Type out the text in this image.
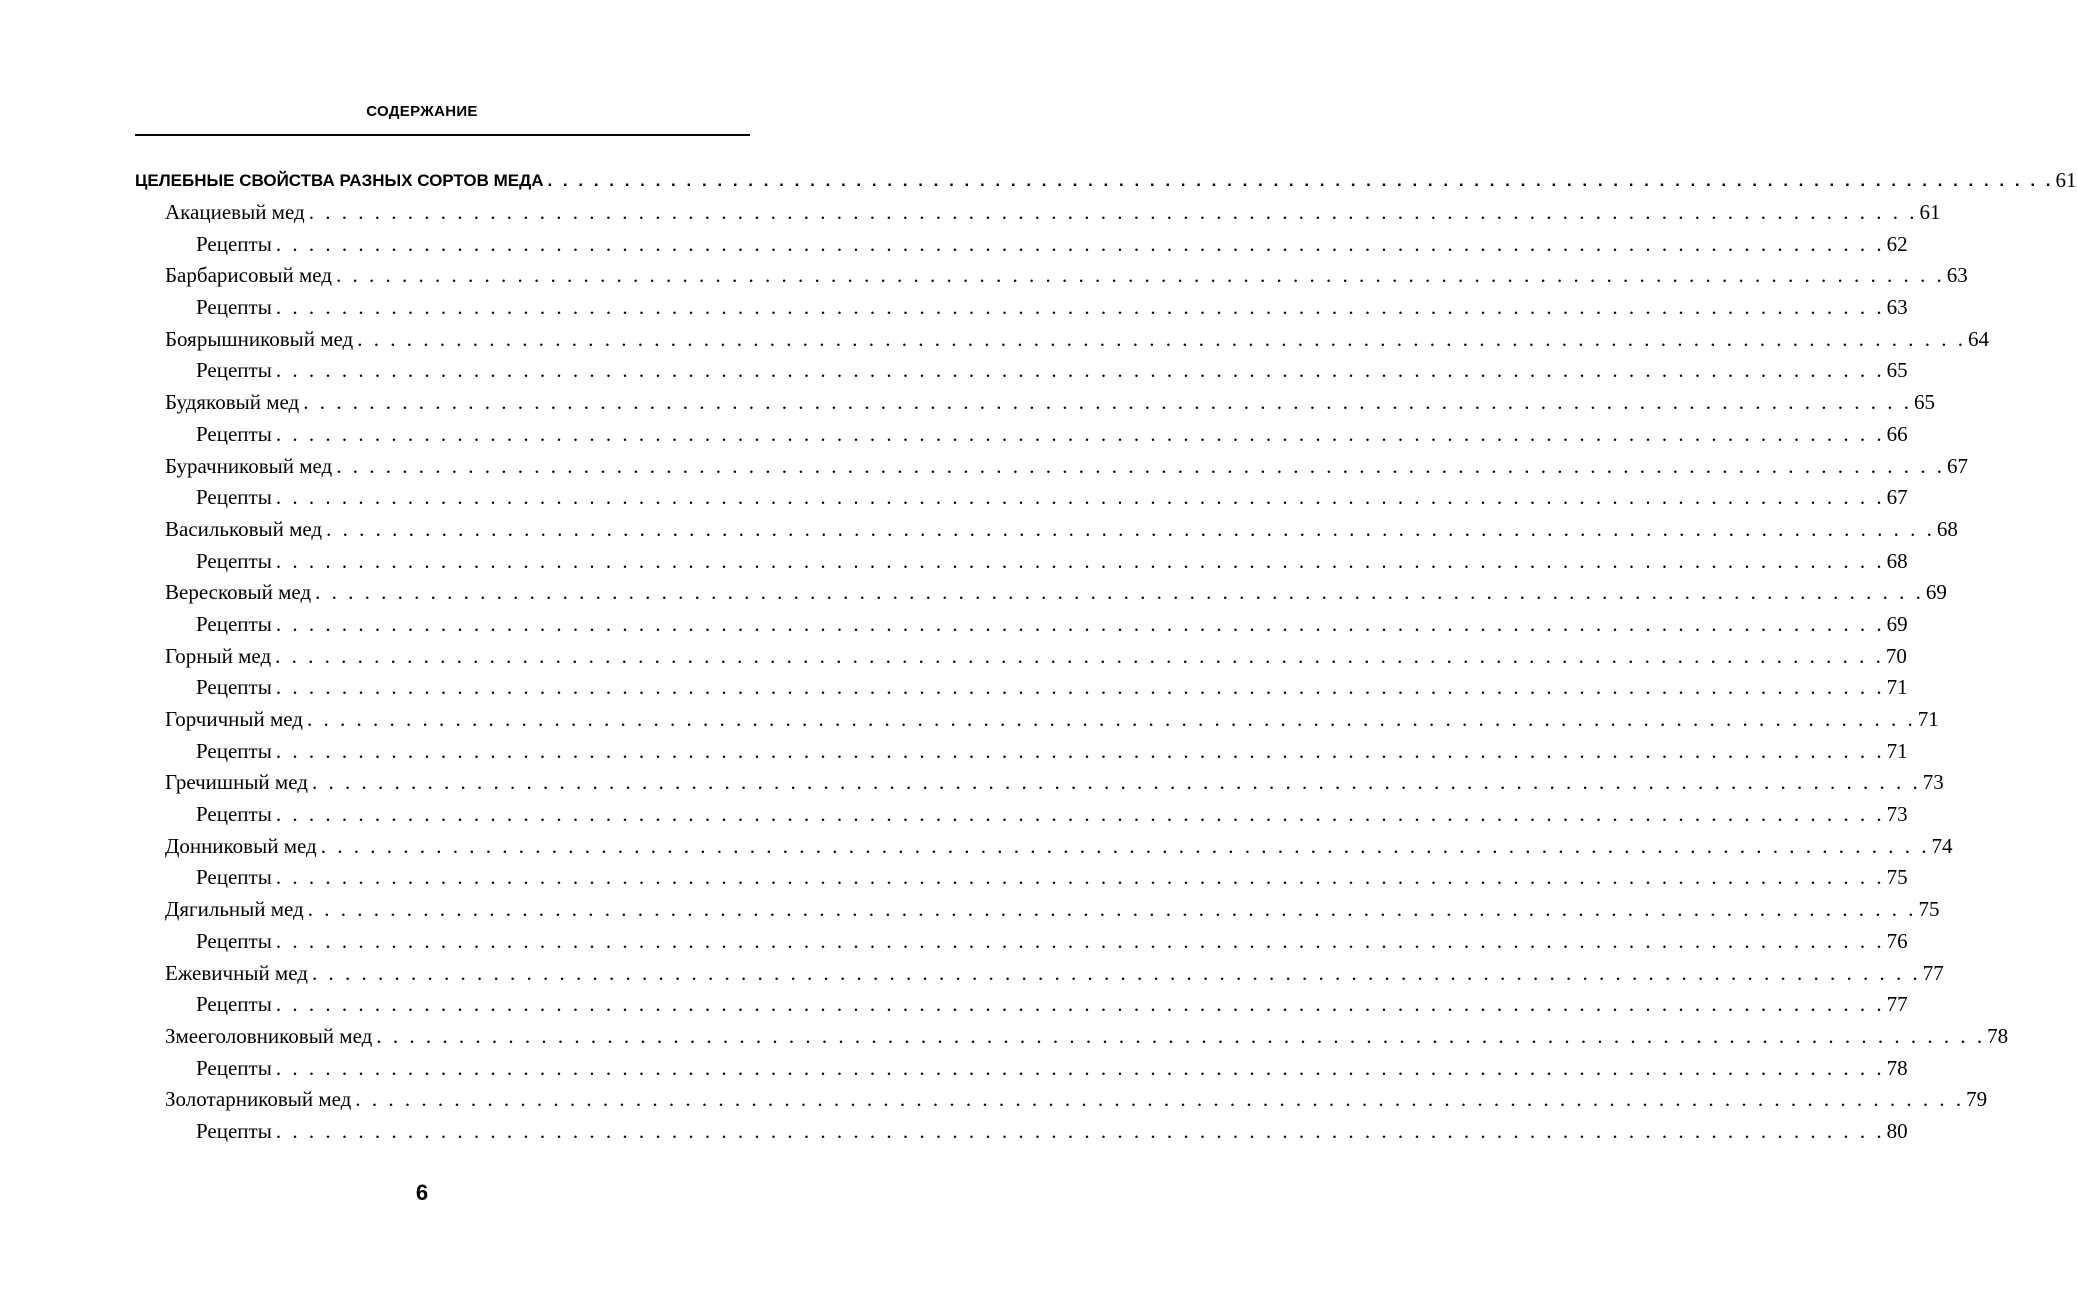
СОДЕРЖАНИЕ
ЦЕЛЕБНЫЕ СВОЙСТВА РАЗНЫХ СОРТОВ МЕДА . . . . . . . . . . . . . . . . . . . . . . . . . . . . . . . . . . . . . . . . . . . . . . . . . . . . . . . . . . . . . . . . . . . . . . . . . . . . . . . . . . . . . . . . . . . . . . . . . . 61
Акациевый мед . . . . . . . . . . . . . . . . . . . . . . . . . . . . . . . . . . . . . . . . . . . . . . . . . . . . . . . . . . . . . . . . . . . . . . . . . . . . . . . . . . . . . . . . . . . . . . . . . . 61
Рецепты . . . . . . . . . . . . . . . . . . . . . . . . . . . . . . . . . . . . . . . . . . . . . . . . . . . . . . . . . . . . . . . . . . . . . . . . . . . . . . . . . . . . . . . . . . . . . . . . . . 62
Барбарисовый мед . . . . . . . . . . . . . . . . . . . . . . . . . . . . . . . . . . . . . . . . . . . . . . . . . . . . . . . . . . . . . . . . . . . . . . . . . . . . . . . . . . . . . . . . . . . . . . . . . . 63
Рецепты . . . . . . . . . . . . . . . . . . . . . . . . . . . . . . . . . . . . . . . . . . . . . . . . . . . . . . . . . . . . . . . . . . . . . . . . . . . . . . . . . . . . . . . . . . . . . . . . . . 63
Боярышниковый мед . . . . . . . . . . . . . . . . . . . . . . . . . . . . . . . . . . . . . . . . . . . . . . . . . . . . . . . . . . . . . . . . . . . . . . . . . . . . . . . . . . . . . . . . . . . . . . . . . . 64
Рецепты . . . . . . . . . . . . . . . . . . . . . . . . . . . . . . . . . . . . . . . . . . . . . . . . . . . . . . . . . . . . . . . . . . . . . . . . . . . . . . . . . . . . . . . . . . . . . . . . . . 65
Будяковый мед . . . . . . . . . . . . . . . . . . . . . . . . . . . . . . . . . . . . . . . . . . . . . . . . . . . . . . . . . . . . . . . . . . . . . . . . . . . . . . . . . . . . . . . . . . . . . . . . . . 65
Рецепты . . . . . . . . . . . . . . . . . . . . . . . . . . . . . . . . . . . . . . . . . . . . . . . . . . . . . . . . . . . . . . . . . . . . . . . . . . . . . . . . . . . . . . . . . . . . . . . . . . 66
Бурачниковый мед . . . . . . . . . . . . . . . . . . . . . . . . . . . . . . . . . . . . . . . . . . . . . . . . . . . . . . . . . . . . . . . . . . . . . . . . . . . . . . . . . . . . . . . . . . . . . . . . . . 67
Рецепты . . . . . . . . . . . . . . . . . . . . . . . . . . . . . . . . . . . . . . . . . . . . . . . . . . . . . . . . . . . . . . . . . . . . . . . . . . . . . . . . . . . . . . . . . . . . . . . . . . 67
Васильковый мед . . . . . . . . . . . . . . . . . . . . . . . . . . . . . . . . . . . . . . . . . . . . . . . . . . . . . . . . . . . . . . . . . . . . . . . . . . . . . . . . . . . . . . . . . . . . . . . . . . 68
Рецепты . . . . . . . . . . . . . . . . . . . . . . . . . . . . . . . . . . . . . . . . . . . . . . . . . . . . . . . . . . . . . . . . . . . . . . . . . . . . . . . . . . . . . . . . . . . . . . . . . . 68
Вересковый мед . . . . . . . . . . . . . . . . . . . . . . . . . . . . . . . . . . . . . . . . . . . . . . . . . . . . . . . . . . . . . . . . . . . . . . . . . . . . . . . . . . . . . . . . . . . . . . . . . . 69
Рецепты . . . . . . . . . . . . . . . . . . . . . . . . . . . . . . . . . . . . . . . . . . . . . . . . . . . . . . . . . . . . . . . . . . . . . . . . . . . . . . . . . . . . . . . . . . . . . . . . . . 69
Горный мед . . . . . . . . . . . . . . . . . . . . . . . . . . . . . . . . . . . . . . . . . . . . . . . . . . . . . . . . . . . . . . . . . . . . . . . . . . . . . . . . . . . . . . . . . . . . . . . . . . 70
Рецепты . . . . . . . . . . . . . . . . . . . . . . . . . . . . . . . . . . . . . . . . . . . . . . . . . . . . . . . . . . . . . . . . . . . . . . . . . . . . . . . . . . . . . . . . . . . . . . . . . . 71
Горчичный мед . . . . . . . . . . . . . . . . . . . . . . . . . . . . . . . . . . . . . . . . . . . . . . . . . . . . . . . . . . . . . . . . . . . . . . . . . . . . . . . . . . . . . . . . . . . . . . . . . . 71
Рецепты . . . . . . . . . . . . . . . . . . . . . . . . . . . . . . . . . . . . . . . . . . . . . . . . . . . . . . . . . . . . . . . . . . . . . . . . . . . . . . . . . . . . . . . . . . . . . . . . . . 71
Гречишный мед . . . . . . . . . . . . . . . . . . . . . . . . . . . . . . . . . . . . . . . . . . . . . . . . . . . . . . . . . . . . . . . . . . . . . . . . . . . . . . . . . . . . . . . . . . . . . . . . . . 73
Рецепты . . . . . . . . . . . . . . . . . . . . . . . . . . . . . . . . . . . . . . . . . . . . . . . . . . . . . . . . . . . . . . . . . . . . . . . . . . . . . . . . . . . . . . . . . . . . . . . . . . 73
Донниковый мед . . . . . . . . . . . . . . . . . . . . . . . . . . . . . . . . . . . . . . . . . . . . . . . . . . . . . . . . . . . . . . . . . . . . . . . . . . . . . . . . . . . . . . . . . . . . . . . . . . 74
Рецепты . . . . . . . . . . . . . . . . . . . . . . . . . . . . . . . . . . . . . . . . . . . . . . . . . . . . . . . . . . . . . . . . . . . . . . . . . . . . . . . . . . . . . . . . . . . . . . . . . . 75
Дягильный мед . . . . . . . . . . . . . . . . . . . . . . . . . . . . . . . . . . . . . . . . . . . . . . . . . . . . . . . . . . . . . . . . . . . . . . . . . . . . . . . . . . . . . . . . . . . . . . . . . . 75
Рецепты . . . . . . . . . . . . . . . . . . . . . . . . . . . . . . . . . . . . . . . . . . . . . . . . . . . . . . . . . . . . . . . . . . . . . . . . . . . . . . . . . . . . . . . . . . . . . . . . . . 76
Ежевичный мед . . . . . . . . . . . . . . . . . . . . . . . . . . . . . . . . . . . . . . . . . . . . . . . . . . . . . . . . . . . . . . . . . . . . . . . . . . . . . . . . . . . . . . . . . . . . . . . . . . 77
Рецепты . . . . . . . . . . . . . . . . . . . . . . . . . . . . . . . . . . . . . . . . . . . . . . . . . . . . . . . . . . . . . . . . . . . . . . . . . . . . . . . . . . . . . . . . . . . . . . . . . . 77
Змееголовниковый мед . . . . . . . . . . . . . . . . . . . . . . . . . . . . . . . . . . . . . . . . . . . . . . . . . . . . . . . . . . . . . . . . . . . . . . . . . . . . . . . . . . . . . . . . . . . . . . . . . . 78
Рецепты . . . . . . . . . . . . . . . . . . . . . . . . . . . . . . . . . . . . . . . . . . . . . . . . . . . . . . . . . . . . . . . . . . . . . . . . . . . . . . . . . . . . . . . . . . . . . . . . . . 78
Золотарниковый мед . . . . . . . . . . . . . . . . . . . . . . . . . . . . . . . . . . . . . . . . . . . . . . . . . . . . . . . . . . . . . . . . . . . . . . . . . . . . . . . . . . . . . . . . . . . . . . . . . . 79
Рецепты . . . . . . . . . . . . . . . . . . . . . . . . . . . . . . . . . . . . . . . . . . . . . . . . . . . . . . . . . . . . . . . . . . . . . . . . . . . . . . . . . . . . . . . . . . . . . . . . . . 80
6
